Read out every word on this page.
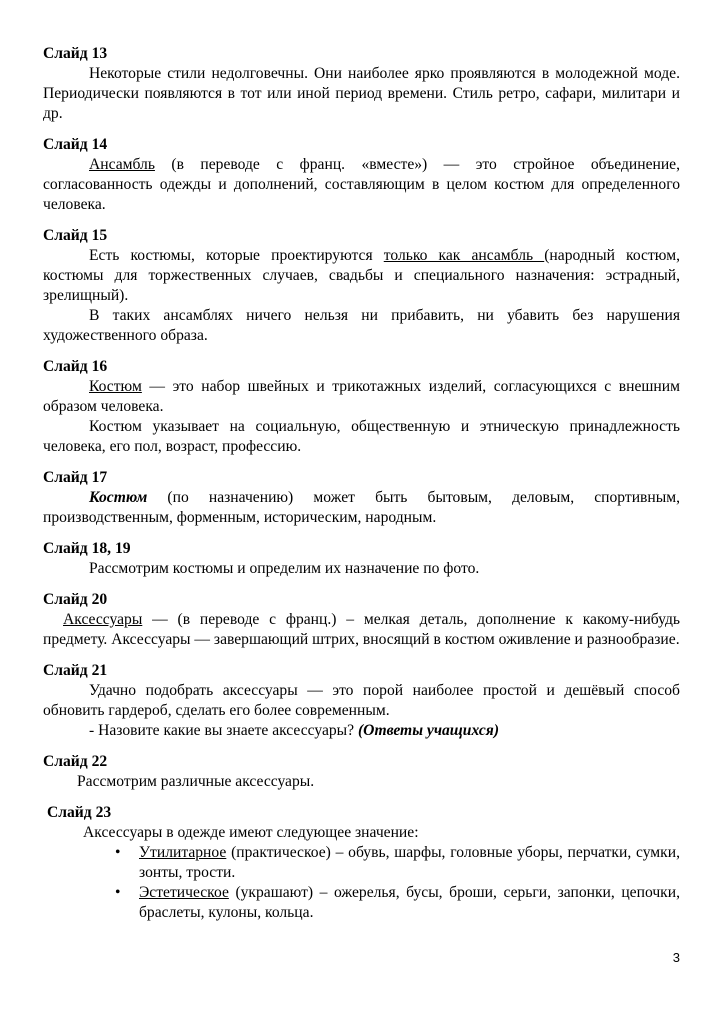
Слайд 13

Некоторые стили недолговечны. Они наиболее ярко проявляются в молодежной моде. Периодически появляются в тот или иной период времени. Стиль ретро, сафари, милитари и др.

Слайд 14

Ансамбль (в переводе с франц. «вместе») — это стройное объединение, согласованность одежды и дополнений, составляющим в целом костюм для определенного человека.

Слайд 15

Есть костюмы, которые проектируются только как ансамбль (народный костюм, костюмы для торжественных случаев, свадьбы и специального назначения: эстрадный, зрелищный).

В таких ансамблях ничего нельзя ни прибавить, ни убавить без нарушения художественного образа.

Слайд 16

Костюм — это набор швейных и трикотажных изделий, согласующихся с внешним образом человека.

Костюм указывает на социальную, общественную и этническую принадлежность человека, его пол, возраст, профессию.

Слайд 17

Костюм (по назначению) может быть бытовым, деловым, спортивным, производственным, форменным, историческим, народным.

Слайд 18, 19

Рассмотрим костюмы и определим их назначение по фото.

Слайд 20

Аксессуары — (в переводе с франц.) – мелкая деталь, дополнение к какому-нибудь предмету. Аксессуары — завершающий штрих, вносящий в костюм оживление и разнообразие.

Слайд 21

Удачно подобрать аксессуары — это порой наиболее простой и дешёвый способ обновить гардероб, сделать его более современным.

- Назовите какие вы знаете аксессуары? (Ответы учащихся)

Слайд 22

Рассмотрим различные аксессуары.

Слайд 23

Аксессуары в одежде имеют следующее значение:

• Утилитарное (практическое) – обувь, шарфы, головные уборы, перчатки, сумки, зонты, трости.
• Эстетическое (украшают) – ожерелья, бусы, броши, серьги, запонки, цепочки, браслеты, кулоны, кольца.
3
